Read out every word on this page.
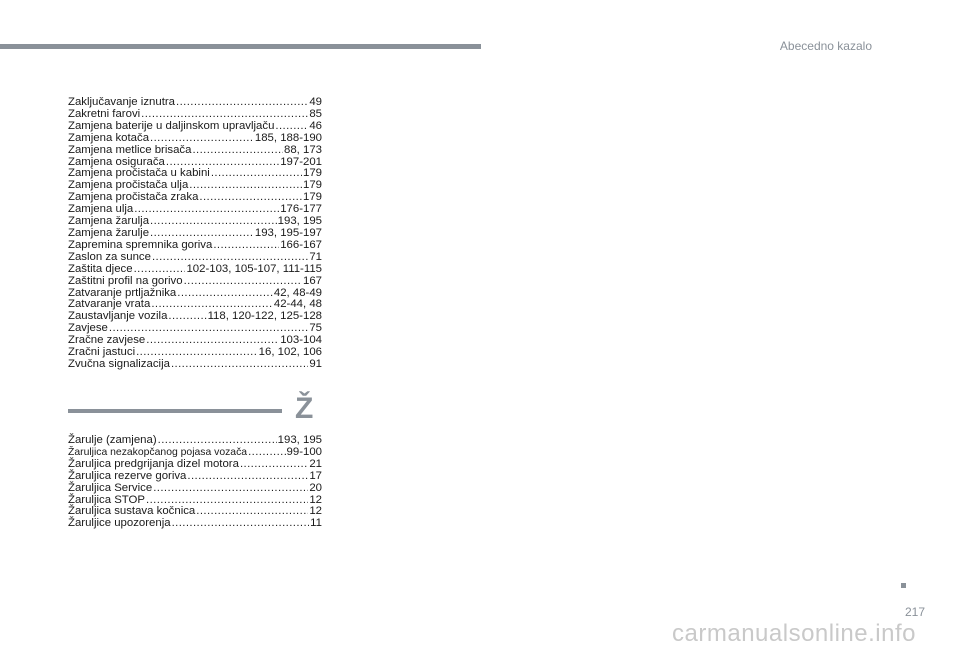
Abecedno kazalo
Zaključavanje iznutra .....	49
Zakretni farovi .....	85
Zamjena baterije u daljinskom upravljaču .....	46
Zamjena kotača .....	185, 188-190
Zamjena metlice brisača .....	88, 173
Zamjena osigurača .....	197-201
Zamjena pročistača u kabini .....	179
Zamjena pročistača ulja .....	179
Zamjena pročistača zraka .....	179
Zamjena ulja .....	176-177
Zamjena žarulja .....	193, 195
Zamjena žarulje .....	193, 195-197
Zapremina spremnika goriva .....	166-167
Zaslon za sunce .....	71
Zaštita djece .....	102-103, 105-107, 111-115
Zaštitni profil na gorivo .....	167
Zatvaranje prtljažnika .....	42, 48-49
Zatvaranje vrata .....	42-44, 48
Zaustavljanje vozila .....	118, 120-122, 125-128
Zavjese .....	75
Zračne zavjese .....	103-104
Zračni jastuci .....	16, 102, 106
Zvučna signalizacija .....	91
Ž
Žarulje (zamjena) .....	193, 195
Žaruljica nezakopčanog pojasa vozača .....	99-100
Žaruljica predgrijanja dizel motora .....	21
Žaruljica rezerve goriva .....	17
Žaruljica Service .....	20
Žaruljica STOP .....	12
Žaruljica sustava kočnica .....	12
Žaruljice upozorenja .....	11
217
carmanualsonline.info
